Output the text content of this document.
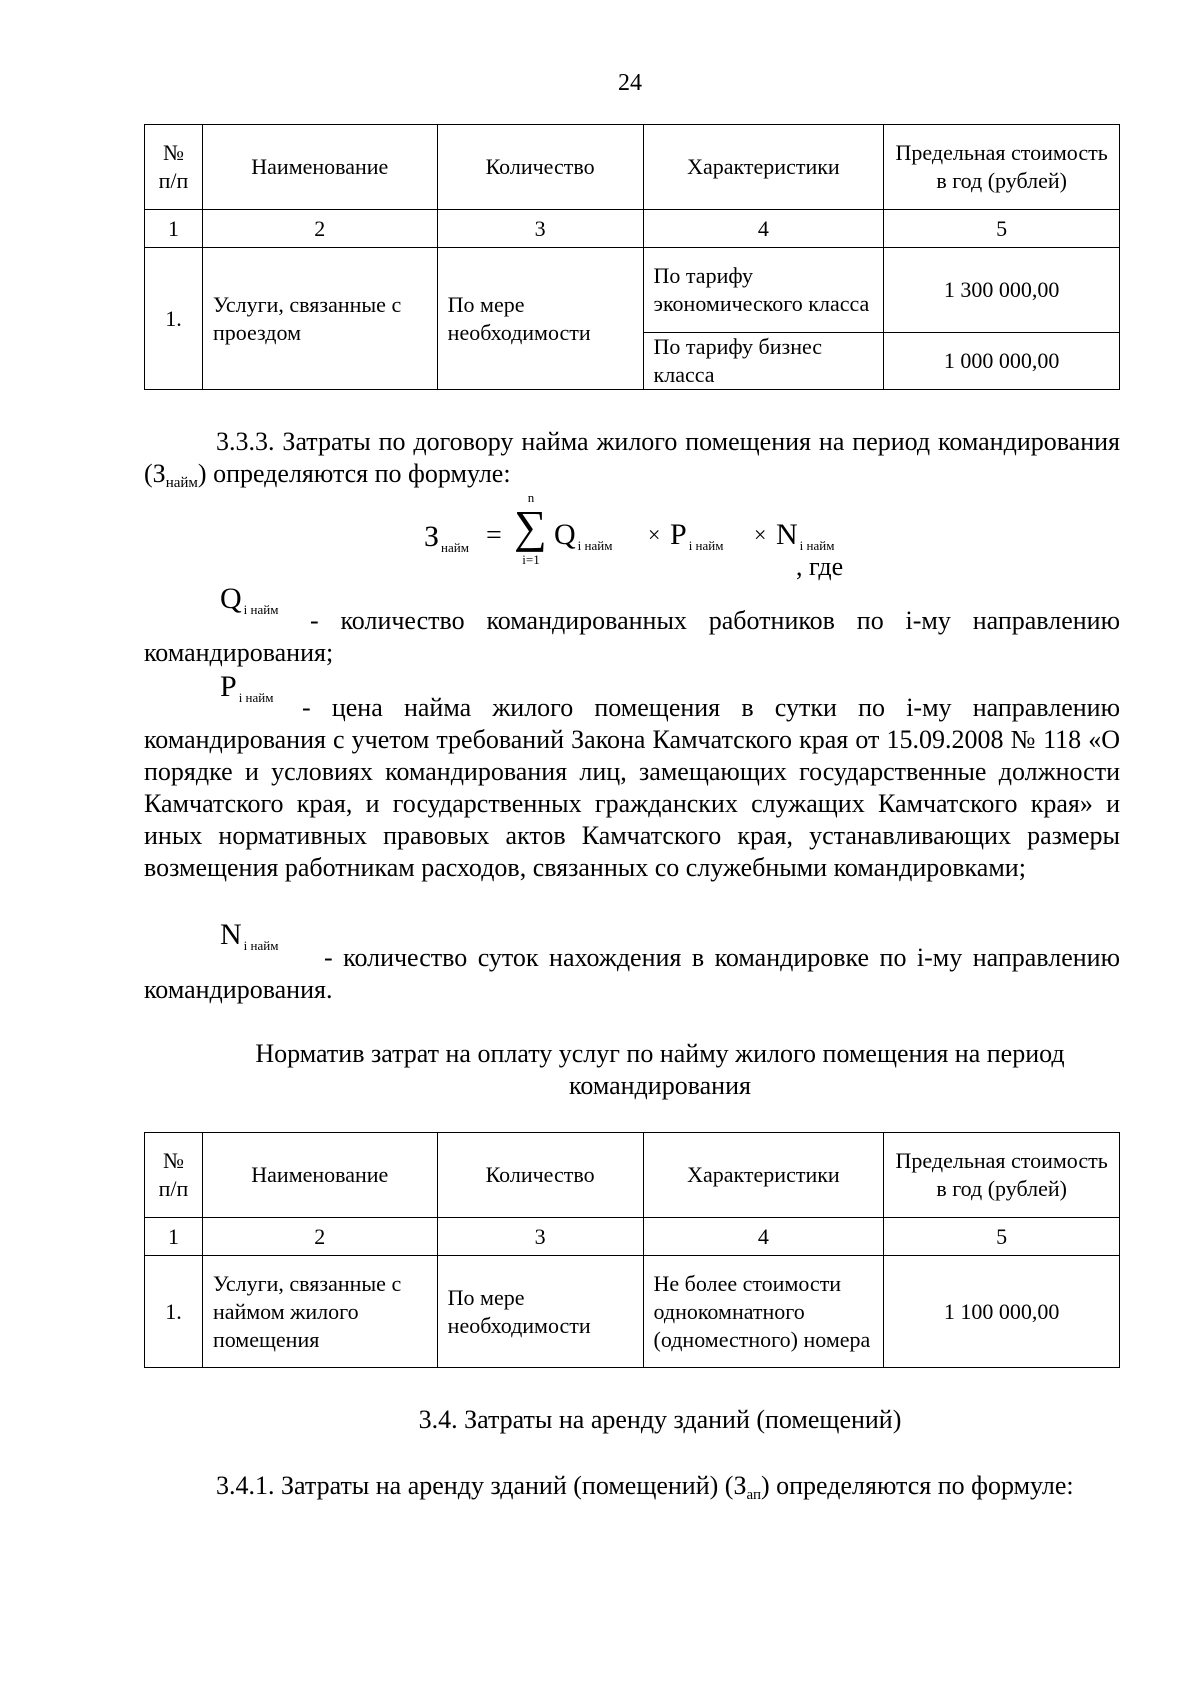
24
№ п/п	Наименование	Количество	Характеристики	Предельная стоимость в год (рублей)
1	2	3	4	5
1.	Услуги, связанные с проездом	По мере необходимости	По тарифу экономического класса	1 300 000,00
			По тарифу бизнес класса	1 000 000,00
3.3.3. Затраты по договору найма жилого помещения на период командирования $(З_{найм})$ определяются по формуле:
З $_{найм}$ =
n
∑
i=1
Q $_{i найм}$ × P $_{i найм}$ × N $_{i найм}$
, где
Q $_{i найм}$	- количество командированных работников по i-му направлению командирования;
P $_{i найм}$	- цена найма жилого помещения в сутки по i-му направлению командирования с учетом требований Закона Камчатского края от 15.09.2008 № 118 «О порядке и условиях командирования лиц, замещающих государственные должности Камчатского края, и государственных гражданских служащих Камчатского края» и иных нормативных правовых актов Камчатского края, устанавливающих размеры возмещения работникам расходов, связанных со служебными командировками;
N $_{i найм}$	- количество суток нахождения в командировке по i-му направлению командирования.
Норматив затрат на оплату услуг по найму жилого помещения на период командирования
№ п/п	Наименование	Количество	Характеристики	Предельная стоимость в год (рублей)
1	2	3	4	5
1.	Услуги, связанные с наймом жилого помещения	По мере необходимости	Не более стоимости однокомнатного (одноместного) номера	1 100 000,00
3.4. Затраты на аренду зданий (помещений)
3.4.1. Затраты на аренду зданий (помещений) $(З_{ап})$ определяются по формуле:
